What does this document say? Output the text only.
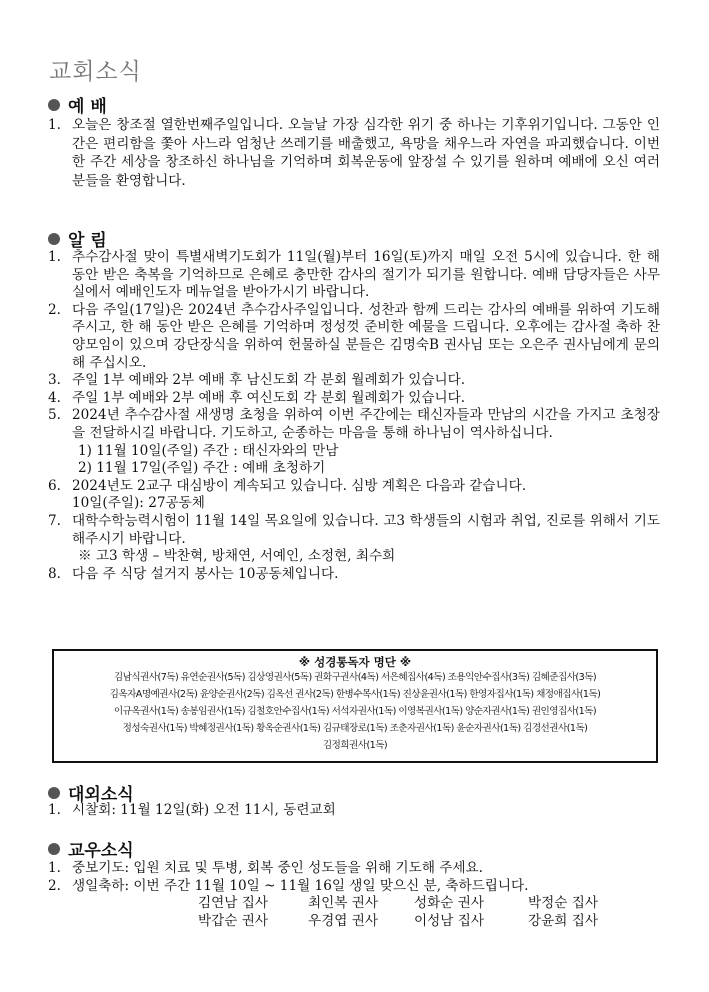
교회소식
예 배
1. 오늘은 창조절 열한번째주일입니다. 오늘날 가장 심각한 위기 중 하나는 기후위기입니다. 그동안 인간은 편리함을 쫓아 사느라 엄청난 쓰레기를 배출했고, 욕망을 채우느라 자연을 파괴했습니다. 이번 한 주간 세상을 창조하신 하나님을 기억하며 회복운동에 앞장설 수 있기를 원하며 예배에 오신 여러분들을 환영합니다.
알 림
1. 추수감사절 맞이 특별새벽기도회가 11일(월)부터 16일(토)까지 매일 오전 5시에 있습니다. 한 해 동안 받은 축복을 기억하므로 은혜로 충만한 감사의 절기가 되기를 원합니다. 예배 담당자들은 사무실에서 예배인도자 메뉴얼을 받아가시기 바랍니다.
2. 다음 주일(17일)은 2024년 추수감사주일입니다. 성찬과 함께 드리는 감사의 예배를 위하여 기도해 주시고, 한 해 동안 받은 은혜를 기억하며 정성껏 준비한 예물을 드립니다. 오후에는 감사절 축하 찬양모임이 있으며 강단장식을 위하여 헌물하실 분들은 김명숙B 권사님 또는 오은주 권사님에게 문의해 주십시오.
3. 주일 1부 예배와 2부 예배 후 남신도회 각 분회 월례회가 있습니다.
4. 주일 1부 예배와 2부 예배 후 여신도회 각 분회 월례회가 있습니다.
5. 2024년 추수감사절 새생명 초청을 위하여 이번 주간에는 태신자들과 만남의 시간을 가지고 초청장을 전달하시길 바랍니다. 기도하고, 순종하는 마음을 통해 하나님이 역사하십니다.
1) 11월 10일(주일) 주간 : 태신자와의 만남
2) 11월 17일(주일) 주간 : 예배 초청하기
6. 2024년도 2교구 대심방이 계속되고 있습니다. 심방 계획은 다음과 같습니다.
10일(주일): 27공동체
7. 대학수학능력시험이 11월 14일 목요일에 있습니다. 고3 학생들의 시험과 취업, 진로를 위해서 기도해주시기 바랍니다.
※ 고3 학생 – 박찬혁, 방채연, 서예인, 소정현, 최수희
8. 다음 주 식당 설거지 봉사는 10공동체입니다.
※ 성경통독자 명단 ※
김남식권사(7독) 유연순권사(5독) 김상영권사(5독) 권화구권사(4독) 서은혜집사(4독) 조용익안수집사(3독) 김혜준집사(3독)
김옥자A명예권사(2독) 윤양순권사(2독) 김옥선 권사(2독) 한병수목사(1독) 진상윤권사(1독) 한영자집사(1독) 채정애집사(1독)
이규옥권사(1독) 송봉임권사(1독) 김철호안수집사(1독) 서석자권사(1독) 이영복권사(1독) 양순자권사(1독) 권인영집사(1독)
정성숙권사(1독) 박혜정권사(1독) 황옥순권사(1독) 김규태장로(1독) 조춘자권사(1독) 윤순자권사(1독) 김경선권사(1독)
김정희권사(1독)
대외소식
1. 시찰회: 11월 12일(화) 오전 11시, 동련교회
교우소식
1. 중보기도: 입원 치료 및 투병, 회복 중인 성도들을 위해 기도해 주세요.
2. 생일축하: 이번 주간 11월 10일 ~ 11월 16일 생일 맞으신 분, 축하드립니다.
김연남 집사	최인복 권사	성화순 권사	박정순 집사
박갑순 권사	우경엽 권사	이성남 집사	강윤희 집사
